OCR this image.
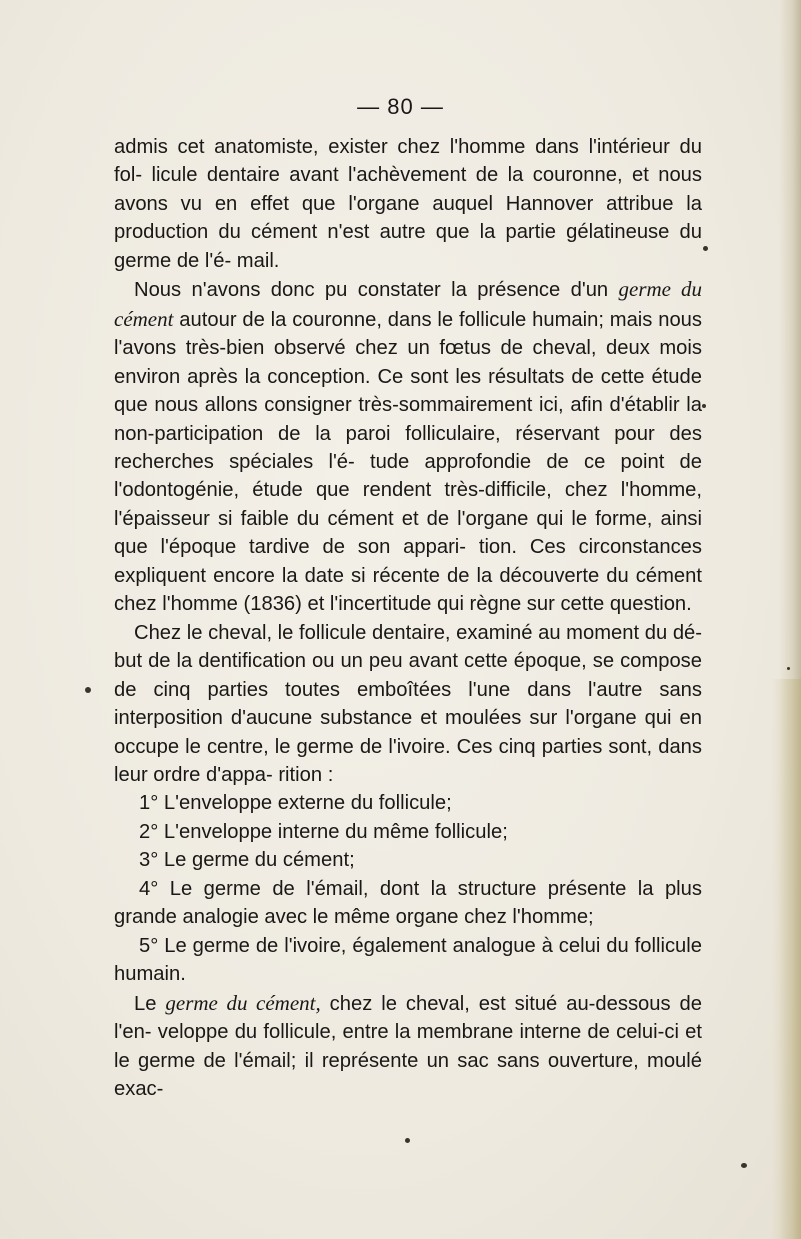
— 80 —

admis cet anatomiste, exister chez l'homme dans l'intérieur du fol- licule dentaire avant l'achèvement de la couronne, et nous avons vu en effet que l'organe auquel Hannover attribue la production du cément n'est autre que la partie gélatineuse du germe de l'é- mail.

Nous n'avons donc pu constater la présence d'un germe du cément autour de la couronne, dans le follicule humain; mais nous l'avons très-bien observé chez un fœtus de cheval, deux mois environ après la conception. Ce sont les résultats de cette étude que nous allons consigner très-sommairement ici, afin d'établir la non-participation de la paroi folliculaire, réservant pour des recherches spéciales l'é- tude approfondie de ce point de l'odontogénie, étude que rendent très-difficile, chez l'homme, l'épaisseur si faible du cément et de l'organe qui le forme, ainsi que l'époque tardive de son appari- tion. Ces circonstances expliquent encore la date si récente de la découverte du cément chez l'homme (1836) et l'incertitude qui règne sur cette question.

Chez le cheval, le follicule dentaire, examiné au moment du dé- but de la dentification ou un peu avant cette époque, se compose de cinq parties toutes emboîtées l'une dans l'autre sans interposition d'aucune substance et moulées sur l'organe qui en occupe le centre, le germe de l'ivoire. Ces cinq parties sont, dans leur ordre d'appa- rition :

1° L'enveloppe externe du follicule;

2° L'enveloppe interne du même follicule;

3° Le germe du cément;

4° Le germe de l'émail, dont la structure présente la plus grande analogie avec le même organe chez l'homme;

5° Le germe de l'ivoire, également analogue à celui du follicule humain.

Le germe du cément, chez le cheval, est situé au-dessous de l'en- veloppe du follicule, entre la membrane interne de celui-ci et le germe de l'émail; il représente un sac sans ouverture, moulé exac-
